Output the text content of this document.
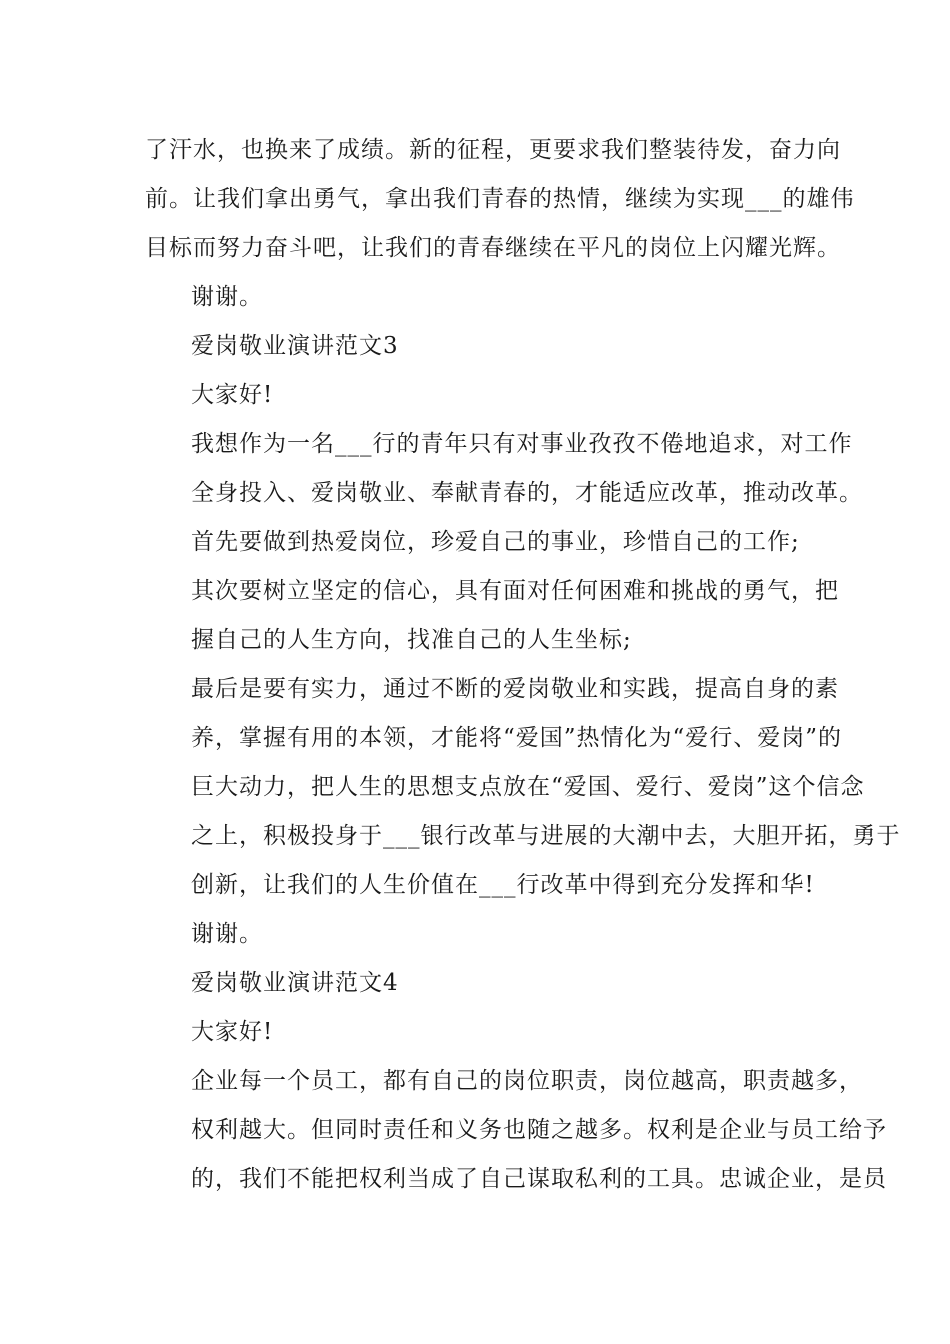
了汗水，也换来了成绩。新的征程，更要求我们整装待发，奋力向
前。让我们拿出勇气，拿出我们青春的热情，继续为实现___的雄伟
目标而努力奋斗吧，让我们的青春继续在平凡的岗位上闪耀光辉。

谢谢。

爱岗敬业演讲范文3

大家好!

我想作为一名___行的青年只有对事业孜孜不倦地追求，对工作
全身投入、爱岗敬业、奉献青春的，才能适应改革，推动改革。

首先要做到热爱岗位，珍爱自己的事业，珍惜自己的工作;

其次要树立坚定的信心，具有面对任何困难和挑战的勇气，把
握自己的人生方向，找准自己的人生坐标;

最后是要有实力，通过不断的爱岗敬业和实践，提高自身的素
养，掌握有用的本领，才能将“爱国”热情化为“爱行、爱岗”的
巨大动力，把人生的思想支点放在“爱国、爱行、爱岗”这个信念
之上，积极投身于___银行改革与进展的大潮中去，大胆开拓，勇于
创新，让我们的人生价值在___行改革中得到充分发挥和华!

谢谢。

爱岗敬业演讲范文4

大家好!

企业每一个员工，都有自己的岗位职责，岗位越高，职责越多，
权利越大。但同时责任和义务也随之越多。权利是企业与员工给予
的，我们不能把权利当成了自己谋取私利的工具。忠诚企业，是员
